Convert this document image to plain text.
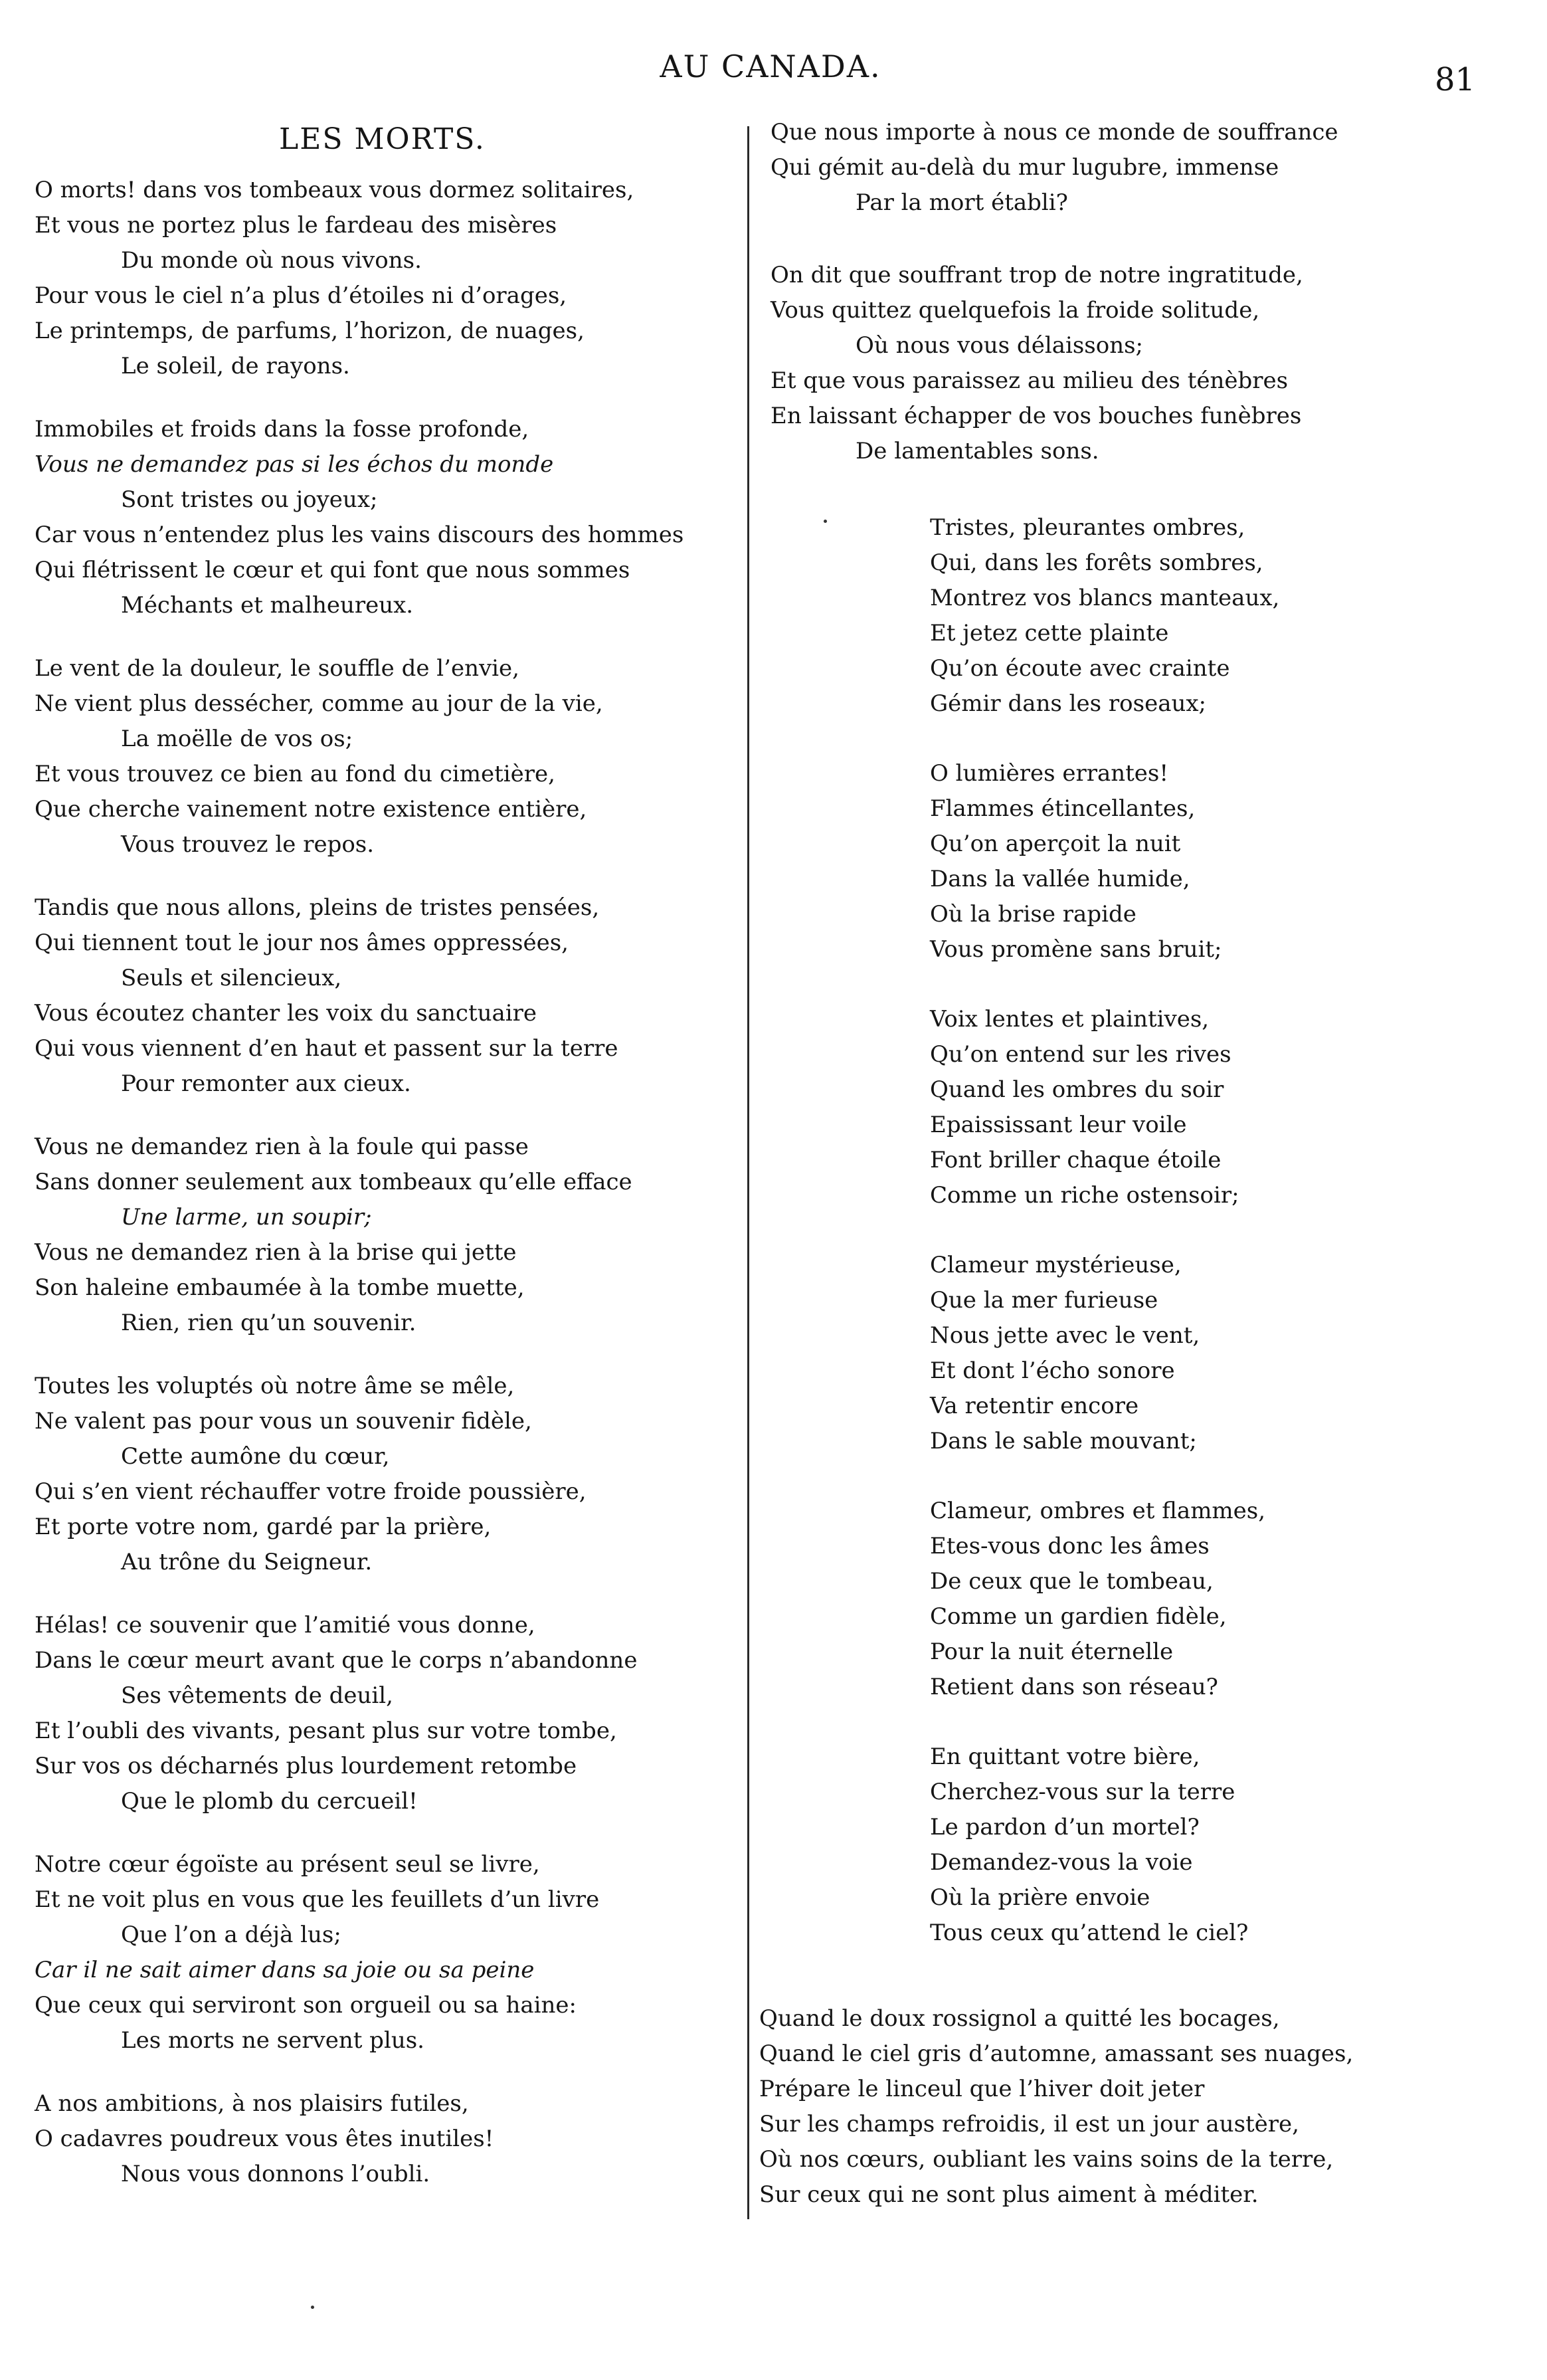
AU CANADA.	81
LES MORTS.
O morts! dans vos tombeaux vous dormez solitaires,
Et vous ne portez plus le fardeau des misères
Du monde où nous vivons.
Pour vous le ciel n’a plus d’étoiles ni d’orages,
Le printemps, de parfums, l’horizon, de nuages,
Le soleil, de rayons.
Immobiles et froids dans la fosse profonde,
Vous ne demandez pas si les échos du monde
Sont tristes ou joyeux;
Car vous n’entendez plus les vains discours des hommes
Qui flétrissent le cœur et qui font que nous sommes
Méchants et malheureux.
Le vent de la douleur, le souffle de l’envie,
Ne vient plus dessécher, comme au jour de la vie,
La moëlle de vos os;
Et vous trouvez ce bien au fond du cimetière,
Que cherche vainement notre existence entière,
Vous trouvez le repos.
Tandis que nous allons, pleins de tristes pensées,
Qui tiennent tout le jour nos âmes oppressées,
Seuls et silencieux,
Vous écoutez chanter les voix du sanctuaire
Qui vous viennent d’en haut et passent sur la terre
Pour remonter aux cieux.
Vous ne demandez rien à la foule qui passe
Sans donner seulement aux tombeaux qu’elle efface
Une larme, un soupir;
Vous ne demandez rien à la brise qui jette
Son haleine embaumée à la tombe muette,
Rien, rien qu’un souvenir.
Toutes les voluptés où notre âme se mêle,
Ne valent pas pour vous un souvenir fidèle,
Cette aumône du cœur,
Qui s’en vient réchauffer votre froide poussière,
Et porte votre nom, gardé par la prière,
Au trône du Seigneur.
Hélas! ce souvenir que l’amitié vous donne,
Dans le cœur meurt avant que le corps n’abandonne
Ses vêtements de deuil,
Et l’oubli des vivants, pesant plus sur votre tombe,
Sur vos os décharnés plus lourdement retombe
Que le plomb du cercueil!
Notre cœur égoïste au présent seul se livre,
Et ne voit plus en vous que les feuillets d’un livre
Que l’on a déjà lus;
Car il ne sait aimer dans sa joie ou sa peine
Que ceux qui serviront son orgueil ou sa haine:
Les morts ne servent plus.
A nos ambitions, à nos plaisirs futiles,
O cadavres poudreux vous êtes inutiles!
Nous vous donnons l’oubli.
Que nous importe à nous ce monde de souffrance
Qui gémit au-delà du mur lugubre, immense
Par la mort établi?
On dit que souffrant trop de notre ingratitude,
Vous quittez quelquefois la froide solitude,
Où nous vous délaissons;
Et que vous paraissez au milieu des ténèbres
En laissant échapper de vos bouches funèbres
De lamentables sons.
Tristes, pleurantes ombres,
Qui, dans les forêts sombres,
Montrez vos blancs manteaux,
Et jetez cette plainte
Qu’on écoute avec crainte
Gémir dans les roseaux;
O lumières errantes!
Flammes étincellantes,
Qu’on aperçoit la nuit
Dans la vallée humide,
Où la brise rapide
Vous promène sans bruit;
Voix lentes et plaintives,
Qu’on entend sur les rives
Quand les ombres du soir
Epaississant leur voile
Font briller chaque étoile
Comme un riche ostensoir;
Clameur mystérieuse,
Que la mer furieuse
Nous jette avec le vent,
Et dont l’écho sonore
Va retentir encore
Dans le sable mouvant;
Clameur, ombres et flammes,
Etes-vous donc les âmes
De ceux que le tombeau,
Comme un gardien fidèle,
Pour la nuit éternelle
Retient dans son réseau?
En quittant votre bière,
Cherchez-vous sur la terre
Le pardon d’un mortel?
Demandez-vous la voie
Où la prière envoie
Tous ceux qu’attend le ciel?
Quand le doux rossignol a quitté les bocages,
Quand le ciel gris d’automne, amassant ses nuages,
Prépare le linceul que l’hiver doit jeter
Sur les champs refroidis, il est un jour austère,
Où nos cœurs, oubliant les vains soins de la terre,
Sur ceux qui ne sont plus aiment à méditer.
